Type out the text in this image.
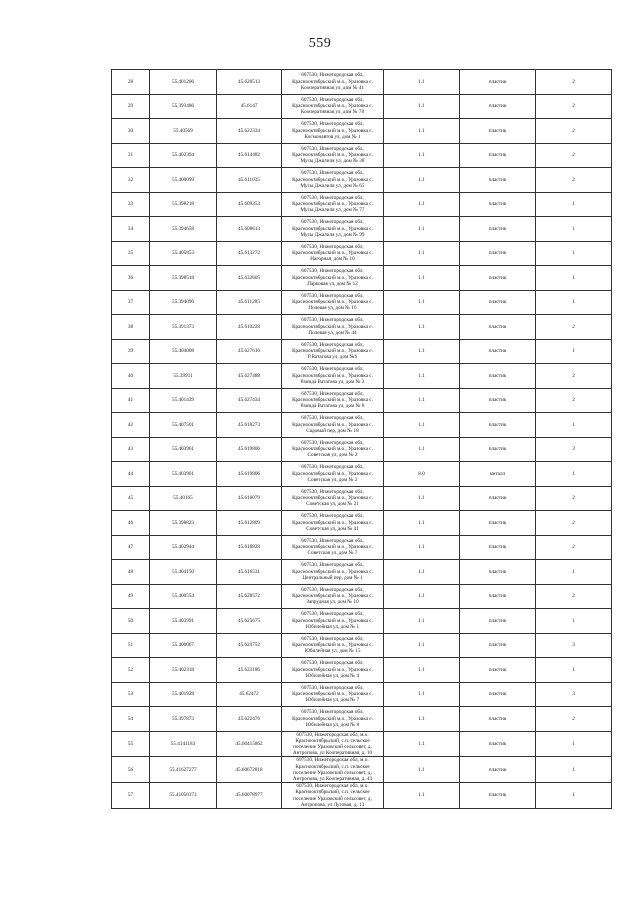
559
28	55.401206	45.620513	607530, Нижегородская обл,
Краснооктябрьский м.о., Уразовка с.
Кооперативная ул, дом № 41	1.1	пластик	2
29	55.393486	45.6147	607530, Нижегородская обл,
Краснооктябрьский м.о., Уразовка с.
Кооперативная ул, дом № 78	1.1	пластик	2
30	55.40569	45.622334	607530, Нижегородская обл,
Краснооктябрьский м.о., Уразовка с.
Космонавтов ул, дом № 1	1.1	пластик	2
31	55.402394	45.614482	607530, Нижегородская обл,
Краснооктябрьский м.о., Уразовка с.
Мусы Джалиля ул, дом № 38	1.1	пластик	2
32	55.400099	45.611035	607530, Нижегородская обл,
Краснооктябрьский м.о., Уразовка с.
Мусы Джалиля ул, дом № 65	1.1	пластик	2
33	55.398218	45.609353	607530, Нижегородская обл,
Краснооктябрьский м.о., Уразовка с.
Мусы Джалиля ул, дом № 77	1.1	пластик	1
34	55.394658	45.608613	607530, Нижегородская обл,
Краснооктябрьский м.о., Уразовка с.
Мусы Джалиля ул, дом № 99	1.1	пластик	1
35	55.405853	45.613272	607530, Нижегородская обл,
Краснооктябрьский м.о., Уразовка с.
Нагорная, дом № 10	1.1	пластик	1
36	55.398518	45.632605	607530, Нижегородская обл,
Краснооктябрьский м.о., Уразовка с.
Парковая ул, дом № 12	1.1	пластик	1
37	55.394096	45.611285	607530, Нижегородская обл,
Краснооктябрьский м.о., Уразовка с.
Полевая ул, дом № 16	1.1	пластик	1
38	55.391373	45.610228	607530, Нижегородская обл,
Краснооктябрьский м.о., Уразовка с.
Полевая ул, дом № 44	1.1	пластик	2
39	55.404008	45.627616	607530, Нижегородская обл,
Краснооктябрьский м.о., Уразовка с.
Р.Ватагова ул, дом №6	1.1	пластик	1
40	55.39911	45.627488	607530, Нижегородская обл,
Краснооктябрьский м.о., Уразовка с.
Раиида Ватагова ул, дом № 2	1.1	пластик	2
41	55.401439	45.627434	607530, Нижегородская обл,
Краснооктябрьский м.о., Уразовка с.
Раиида Ватагова ул, дом № 8	1.1	пластик	2
42	55.407501	45.618273	607530, Нижегородская обл,
Краснооктябрьский м.о., Уразовка с.
Садовый пер, дом № 18	1.1	пластик	1
43	55.403961	45.619806	607530, Нижегородская обл,
Краснооктябрьский м.о., Уразовка с.
Советская ул, дом № 2	1.1	пластик	3
44	55.403961	45.619806	607530, Нижегородская обл,
Краснооктябрьский м.о., Уразовка с.
Советская ул, дом № 2	8.0	металл	1
45	55.40165	45.616079	607530, Нижегородская обл,
Краснооктябрьский м.о., Уразовка с.
Советская ул, дом № 21	1.1	пластик	2
46	55.398823	45.612809	607530, Нижегородская обл,
Краснооктябрьский м.о., Уразовка с.
Советская ул, дом № 41	1.1	пластик	2
47	55.402944	45.618828	607530, Нижегородская обл,
Краснооктябрьский м.о., Уразовка с.
Советская ул, дом № 7	1.1	пластик	2
48	55.404150	45.616531	607530, Нижегородская обл,
Краснооктябрьский м.о., Уразовка с.
Центральный пер, дом № 1	1.1	пластик	1
49	55.400554	45.628572	607530, Нижегородская обл,
Краснооктябрьский м.о., Уразовка с.
Запрудная ул, дом № 10	1.1	пластик	2
50	55.403991	45.625675	607530, Нижегородская обл,
Краснооктябрьский м.о., Уразовка с.
Юбилейная ул, дом № 1	1.1	пластик	1
51	55.400067	45.624752	607530, Нижегородская обл,
Краснооктябрьский м.о., Уразовка с.
Юбилейная ул, дом № 15	1.1	пластик	3
52	55.402318	45.623186	607530, Нижегородская обл,
Краснооктябрьский м.о., Уразовка с.
Юбилейная ул, дом № 4	1.1	пластик	1
53	55.401928	45.62472	607530, Нижегородская обл,
Краснооктябрьский м.о., Уразовка с.
Юбилейная ул, дом № 7	1.1	пластик	3
54	55.397873	45.622476	607530, Нижегородская обл,
Краснооктябрьский м.о., Уразовка с.
Юбилейная ул, дом № 8	1.1	пластик	2
55	55.4141183	45.60415862	607530, Нижегородская обл, м.о.
Краснооктябрьский, с.п. сельское
поселение Уразовский сельсовет, д.
Антропова, ул Кооперативная, д. 10	1.1	пластик	1
56	55.41627277	45.60672818	607530, Нижегородская обл, м.о.
Краснооктябрьский, с.п. сельское
поселение Уразовский сельсовет, д.
Антропова, ул Кооперативная, д. 43	1.1	пластик	1
57	55.41050373	45.60078977	607530, Нижегородская обл, м.о.
Краснооктябрьский, с.п. сельское
поселение Уразовский сельсовет, д.
Антропова, ул Луговая, д. 13	1.1	пластик	1
